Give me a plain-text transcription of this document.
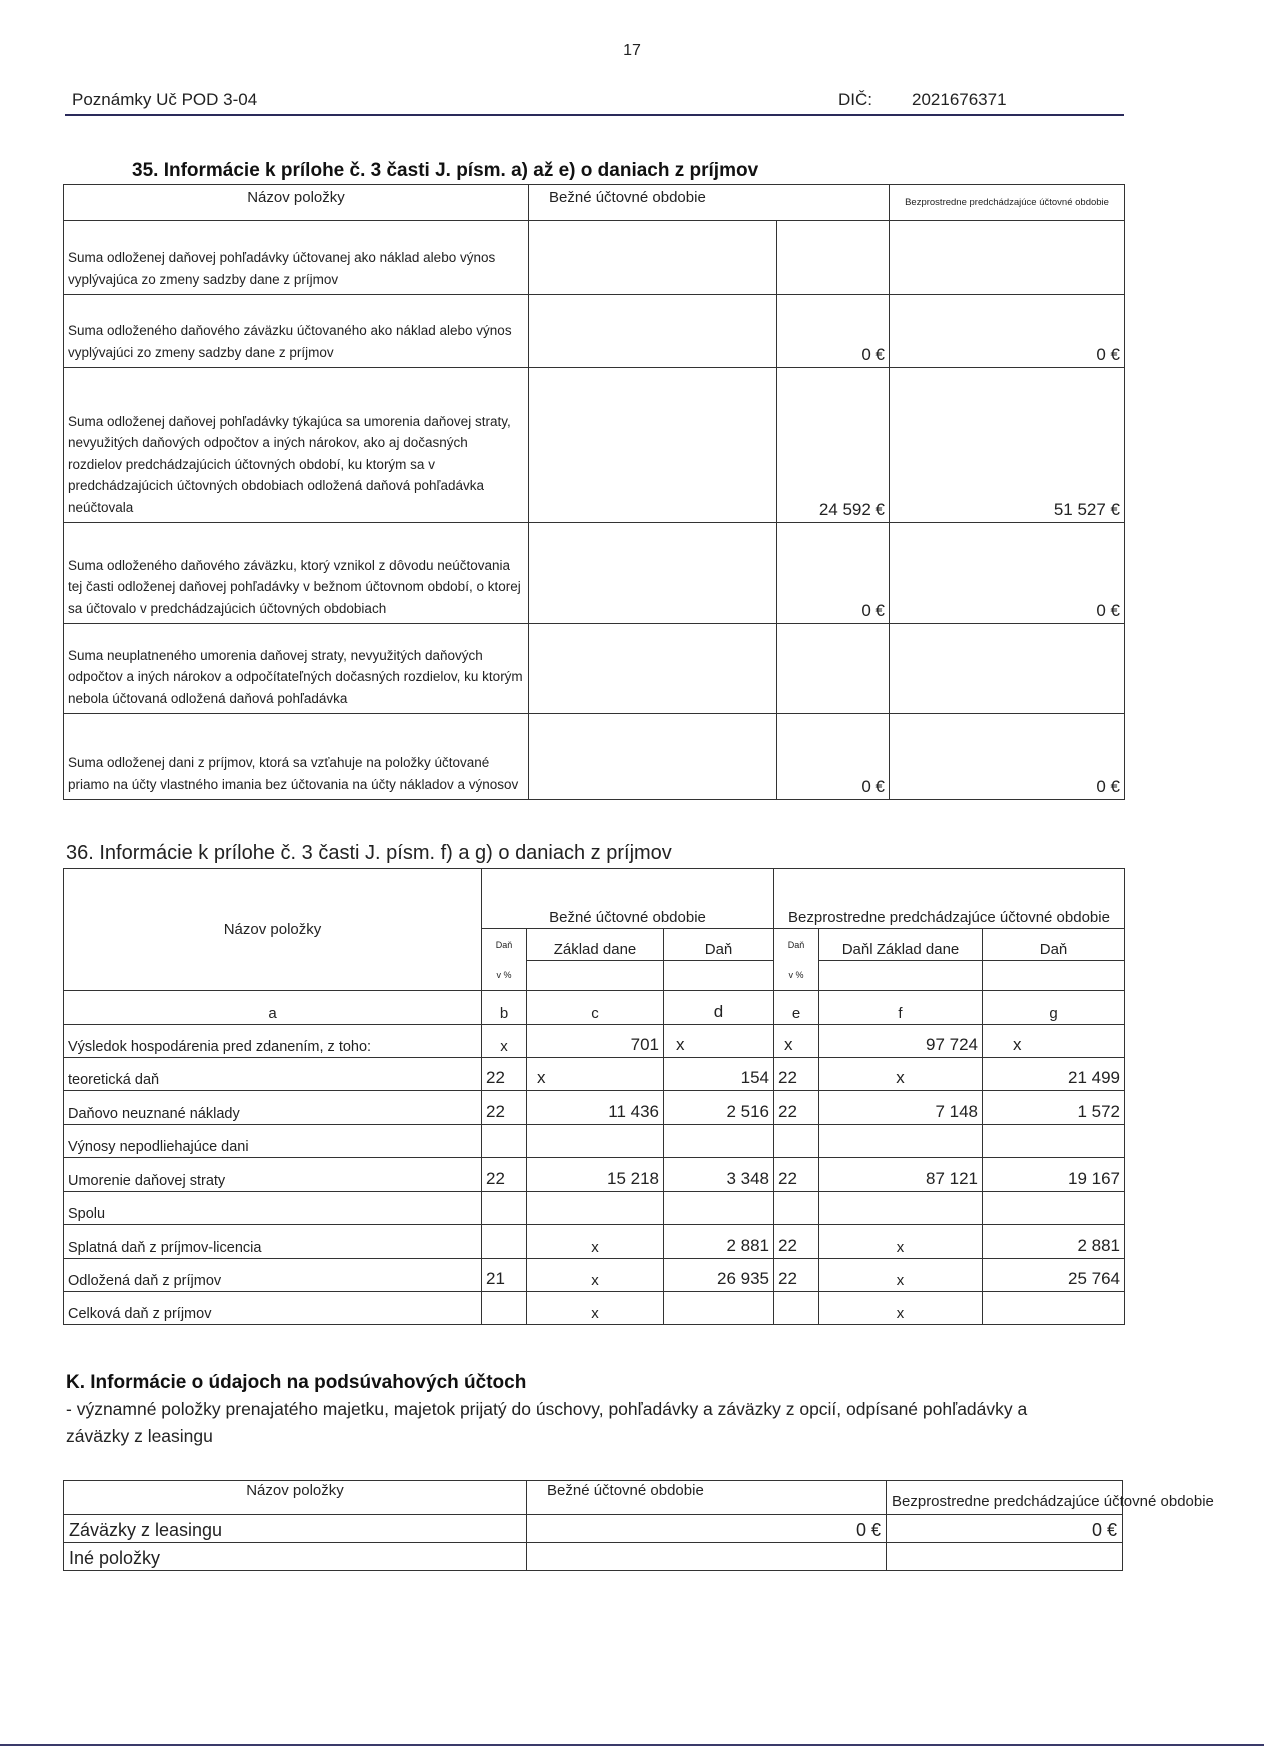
17
Poznámky Uč POD 3-04	DIČ: 2021676371
35. Informácie k prílohe č. 3 časti J. písm. a) až e) o daniach z príjmov
Názov položky	Bežné účtovné obdobie		Bezprostredne predchádzajúce účtovné obdobie
Suma odloženej daňovej pohľadávky účtovanej ako náklad alebo výnos vyplývajúca zo zmeny sadzby dane z príjmov			
Suma odloženého daňového záväzku účtovaného ako náklad alebo výnos vyplývajúci zo zmeny sadzby dane z príjmov		0 €	0 €
Suma odloženej daňovej pohľadávky týkajúca sa umorenia daňovej straty, nevyužitých daňových odpočtov a iných nárokov, ako aj dočasných rozdielov predchádzajúcich účtovných období, ku ktorým sa v predchádzajúcich účtovných obdobiach odložená daňová pohľadávka neúčtovala		24 592 €	51 527 €
Suma odloženého daňového záväzku, ktorý vznikol z dôvodu neúčtovania tej časti odloženej daňovej pohľadávky v bežnom účtovnom období, o ktorej sa účtovalo v predchádzajúcich účtovných obdobiach		0 €	0 €
Suma neuplatneného umorenia daňovej straty, nevyužitých daňových odpočtov a iných nárokov a odpočítateľných dočasných rozdielov, ku ktorým nebola účtovaná odložená daňová pohľadávka			
Suma odloženej dani z príjmov, ktorá sa vzťahuje na položky účtované priamo na účty vlastného imania bez účtovania na účty nákladov a výnosov		0 €	0 €
36. Informácie k prílohe č. 3 časti J. písm. f) a g) o daniach z príjmov
Názov položky	Bežné účtovné obdobie			Bezprostredne predchádzajúce účtovné obdobie		
	Daň	Základ dane	Daň	Daň	Daňl Základ dane	Daň
	v %			v %		
a	b	c	d	e	f	g
Výsledok hospodárenia pred zdanením, z toho:	x	701	x	x	97 724	x
teoretická daň	22	x	154	22	x	21 499
Daňovo neuznané náklady	22	11 436	2 516	22	7 148	1 572
Výnosy nepodliehajúce dani						
Umorenie daňovej straty	22	15 218	3 348	22	87 121	19 167
Spolu						
Splatná daň z príjmov-licencia		x	2 881	22	x	2 881
Odložená daň z príjmov	21	x	26 935	22	x	25 764
Celková daň z príjmov		x			x	
K. Informácie o údajoch na podsúvahových účtoch
- významné položky prenajatého majetku, majetok prijatý do úschovy, pohľadávky a záväzky z opcií, odpísané pohľadávky a záväzky z leasingu
Názov položky	Bežné účtovné obdobie	Bezprostredne predchádzajúce účtovné obdobie
Záväzky z leasingu	0 €	0 €
Iné položky		
